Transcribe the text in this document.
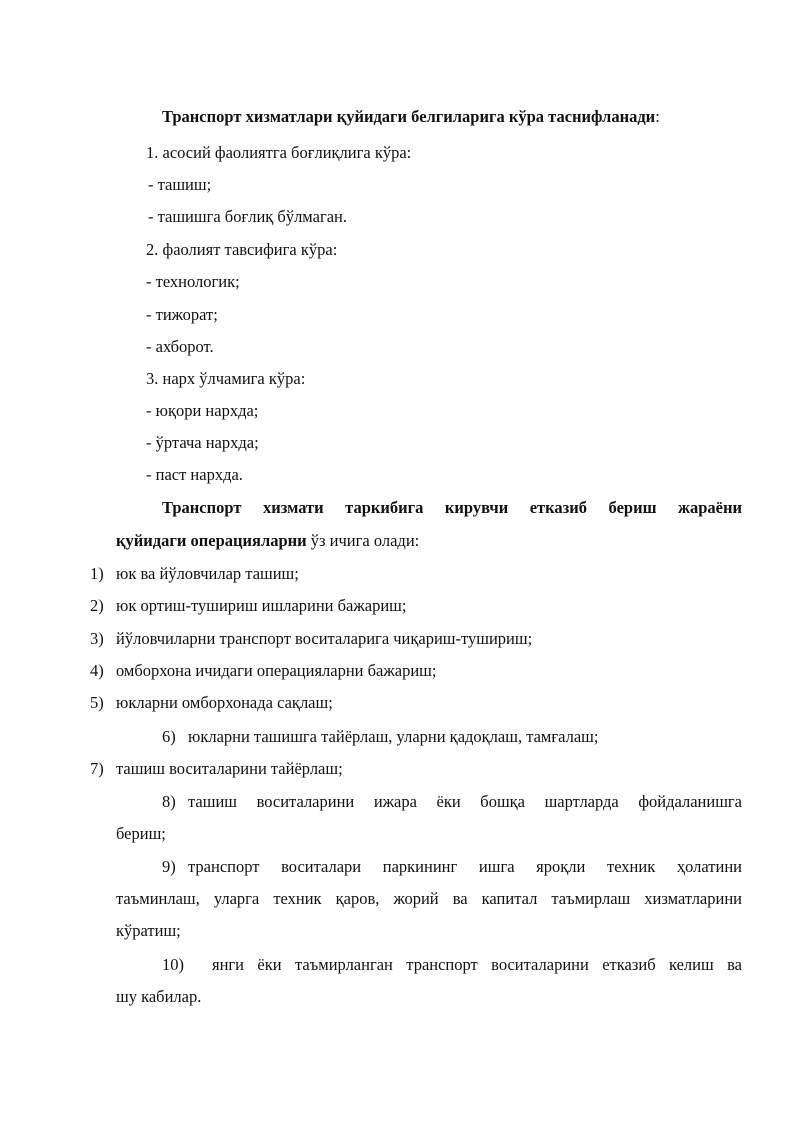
Транспорт хизматлари қуйидаги белгиларига кўра таснифланади:
1. асосий фаолиятга боғлиқлига кўра:
- ташиш;
- ташишга боғлиқ бўлмаган.
2. фаолият тавсифига кўра:
- технологик;
- тижорат;
- ахборот.
3. нарх ўлчамига кўра:
- юқори нархда;
- ўртача нархда;
- паст нархда.
Транспорт хизмати таркибига кирувчи етказиб бериш жараёни
қуйидаги операцияларни ўз ичига олади:
1) юк ва йўловчилар ташиш;
2) юк ортиш-тушириш ишларини бажариш;
3) йўловчиларни транспорт воситаларига чиқариш-тушириш;
4) омборхона ичидаги операцияларни бажариш;
5) юкларни омборхонада сақлаш;
6) юкларни ташишга тайёрлаш, уларни қадоқлаш, тамғалаш;
7) ташиш воситаларини тайёрлаш;
8) ташиш воситаларини ижара ёки бошқа шартларда фойдаланишга
бериш;
9) транспорт воситалари паркининг ишга яроқли техник ҳолатини
таъминлаш, уларга техник қаров, жорий ва капитал таъмирлаш хизматларини
кўратиш;
10) янги ёки таъмирланган транспорт воситаларини етказиб келиш ва
шу кабилар.
